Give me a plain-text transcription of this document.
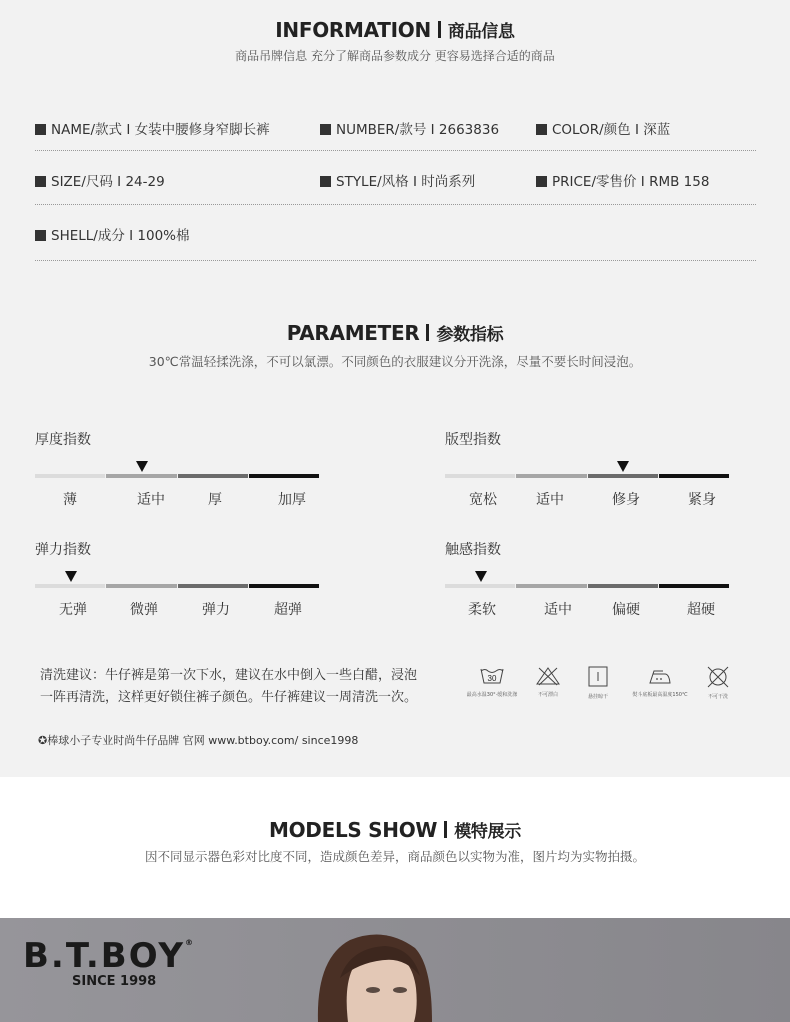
INFORMATION 商品信息
商品吊牌信息 充分了解商品参数成分 更容易选择合适的商品
NAME/款式 I 女装中腰修身窄脚长裤	NUMBER/款号 I 2663836	COLOR/颜色 I 深蓝
SIZE/尺码 I 24-29	STYLE/风格 I 时尚系列	PRICE/零售价 I RMB 158
SHELL/成分 I 100%棉
PARAMETER 参数指标
30℃常温轻揉洗涤，不可以氯漂。不同颜色的衣服建议分开洗涤，尽量不要长时间浸泡。
厚度指数
薄	适中	厚	加厚
版型指数
宽松	适中	修身	紧身
弹力指数
无弹	微弹	弹力	超弹
触感指数
柔软	适中	偏硬	超硬
清洗建议：牛仔裤是第一次下水，建议在水中倒入一些白醋，浸泡
一阵再清洗，这样更好锁住裤子颜色。牛仔裤建议一周清洗一次。
30
最高水温30°·缓和洗涤	不可漂白	悬挂晾干	熨斗底板最高温度150℃	不可干洗
✪棒球小子专业时尚牛仔品牌 官网 www.btboy.com/ since1998
MODELS SHOW 模特展示
因不同显示器色彩对比度不同，造成颜色差异，商品颜色以实物为准，图片均为实物拍摄。
B.T.BOY®
SINCE 1998
